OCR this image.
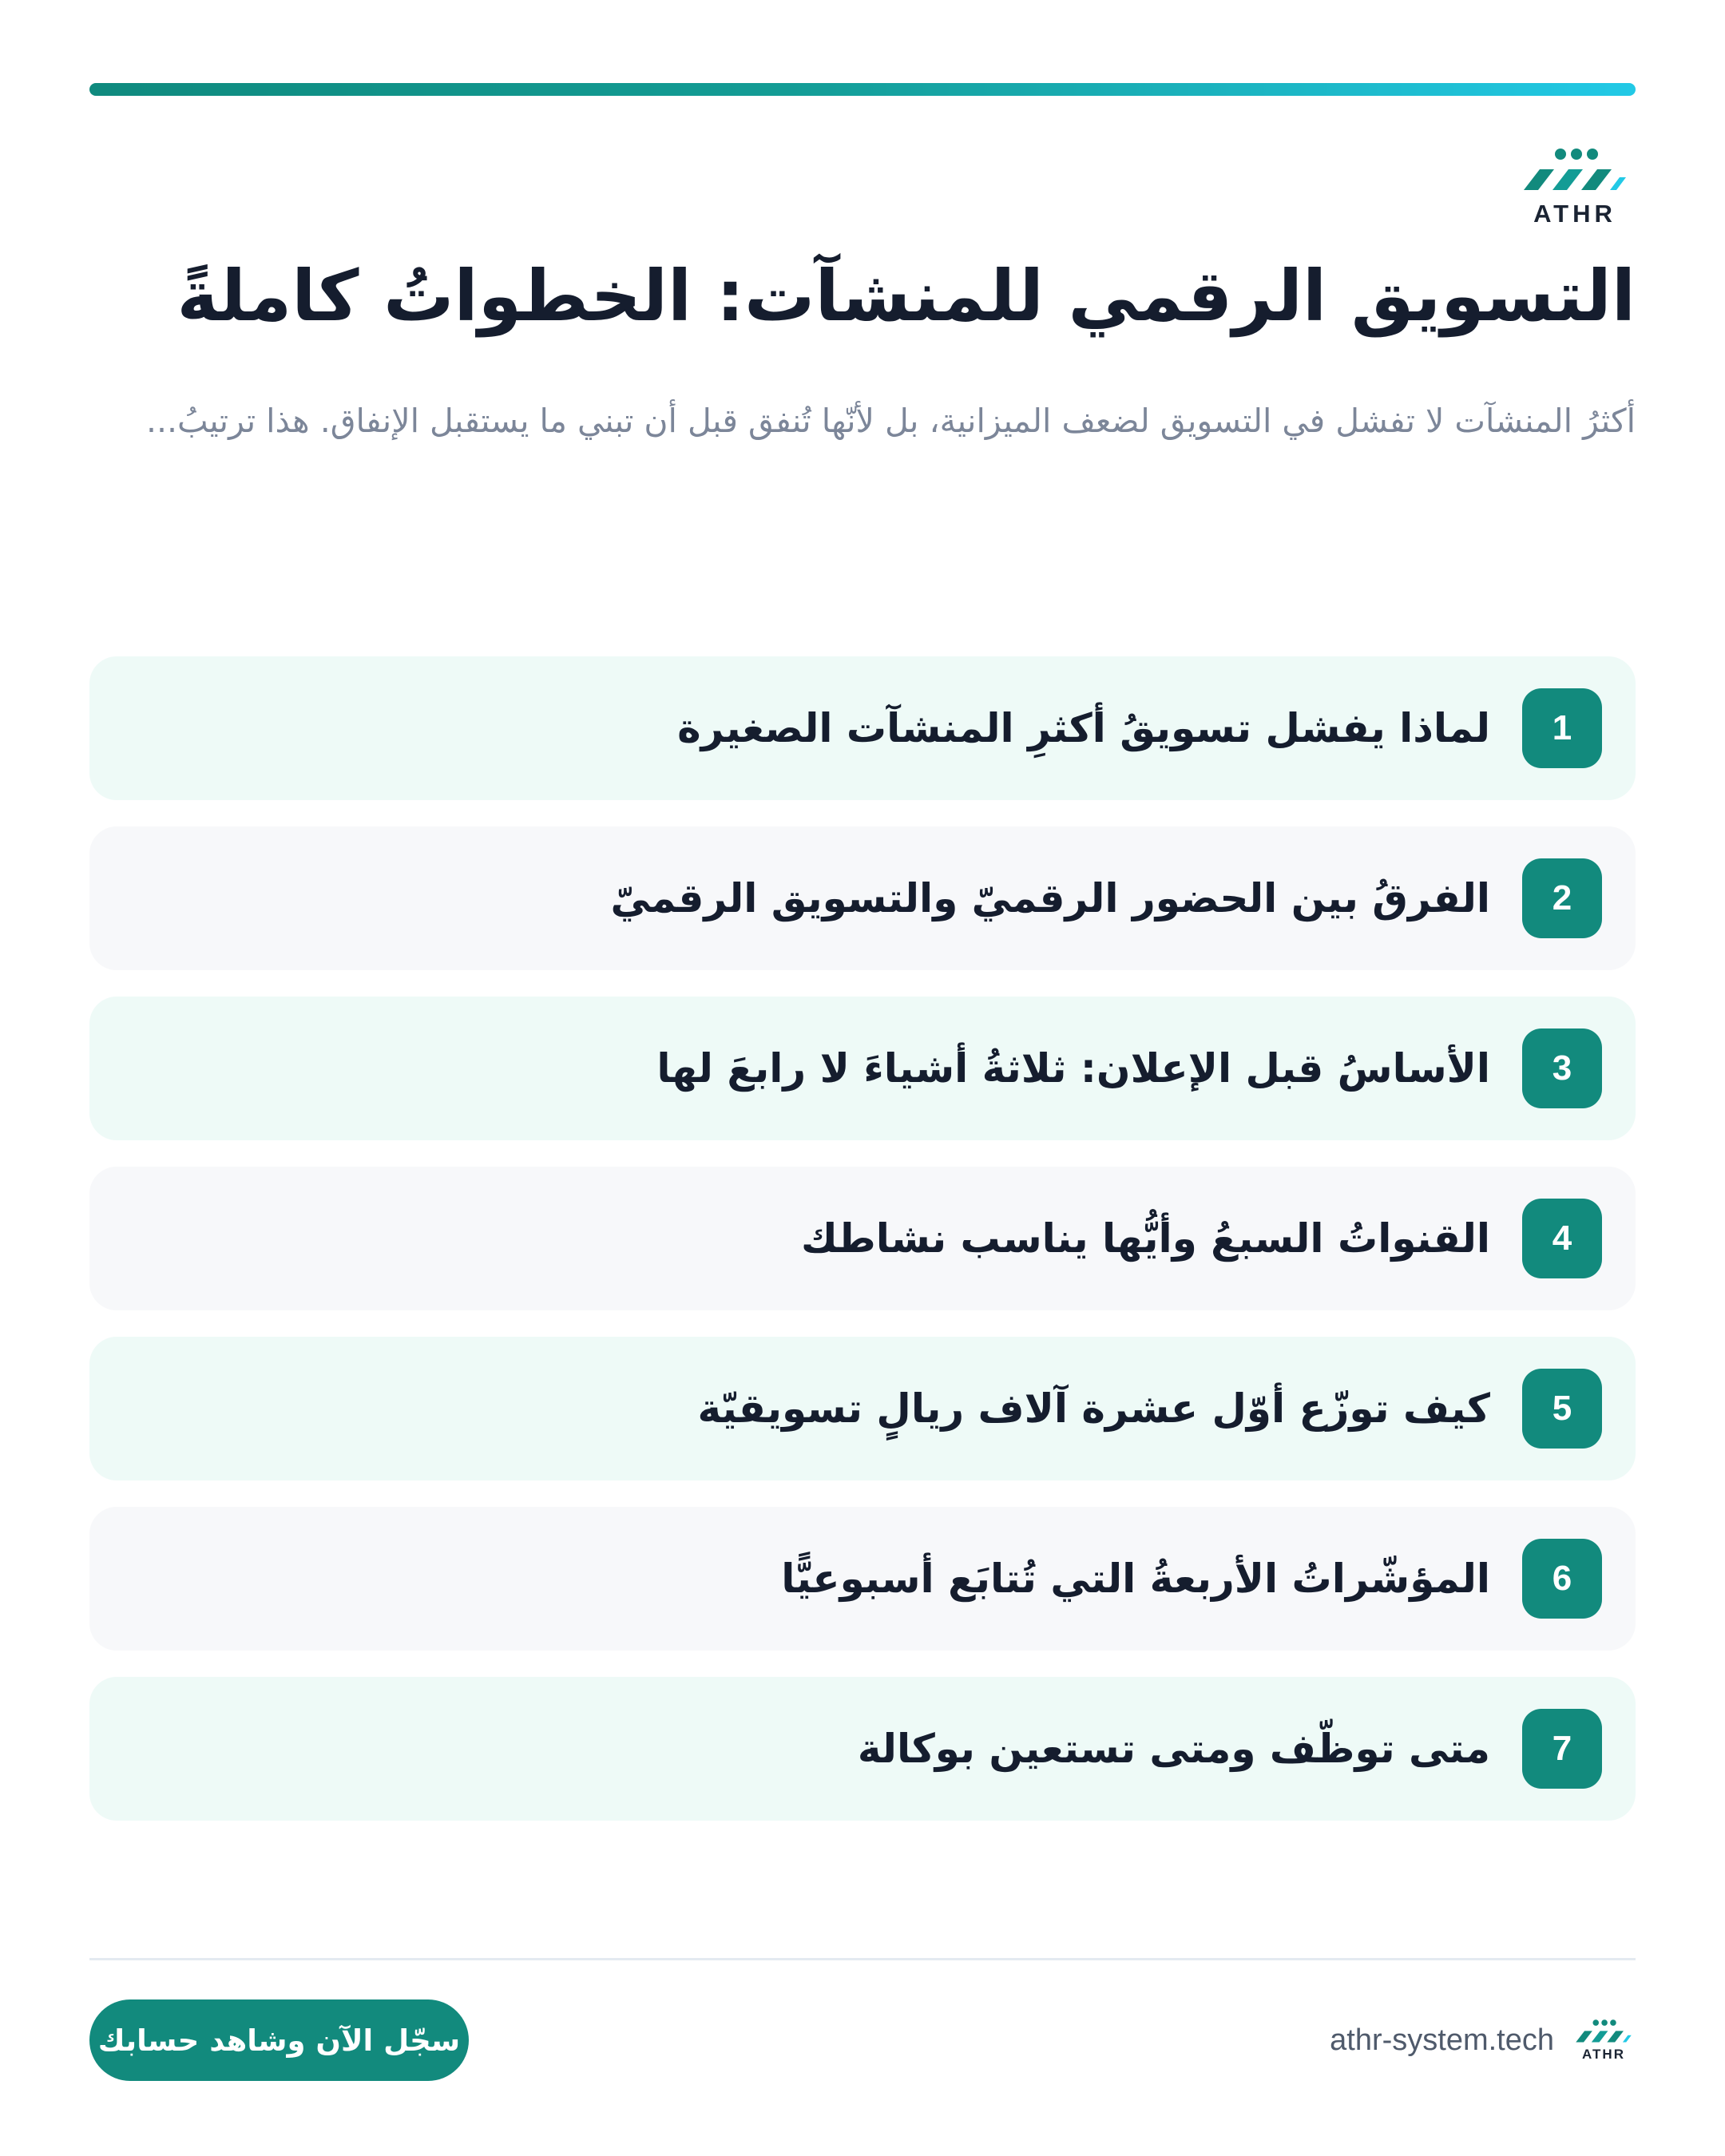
ATHR
التسويق الرقمي للمنشآت: الخطواتُ كاملةً

أكثرُ المنشآت لا تفشل في التسويق لضعف الميزانية، بل لأنّها تُنفق قبل أن تبني ما يستقبل الإنفاق. هذا ترتيبُ...

1
لماذا يفشل تسويقُ أكثرِ المنشآت الصغيرة
2
الفرقُ بين الحضور الرقميّ والتسويق الرقميّ
3
الأساسُ قبل الإعلان: ثلاثةُ أشياءَ لا رابعَ لها
4
القنواتُ السبعُ وأيُّها يناسب نشاطك
5
كيف توزّع أوّل عشرة آلاف ريالٍ تسويقيّة
6
المؤشّراتُ الأربعةُ التي تُتابَع أسبوعيًّا
7
متى توظّف ومتى تستعين بوكالة
سجّل الآن وشاهد حسابك	athr-system.tech	ATHR
